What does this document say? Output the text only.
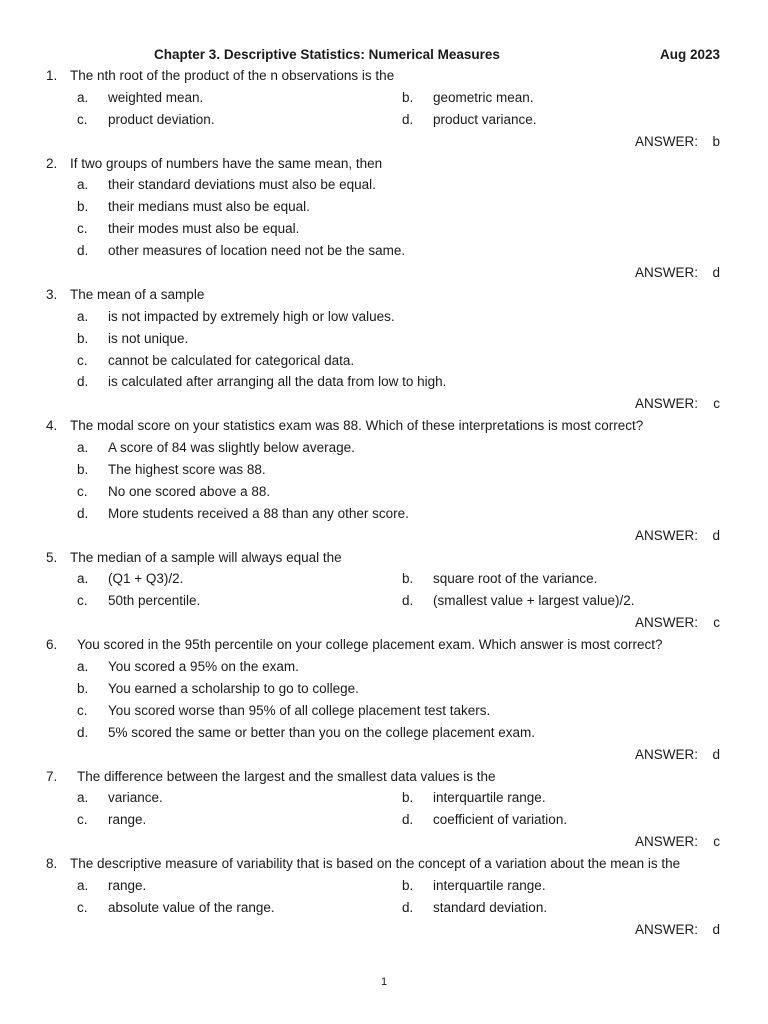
Chapter 3. Descriptive Statistics: Numerical Measures	Aug 2023
1. The nth root of the product of the n observations is the
a. weighted mean.	b. geometric mean.
c. product deviation.	d. product variance.
ANSWER: b
2. If two groups of numbers have the same mean, then
a. their standard deviations must also be equal.
b. their medians must also be equal.
c. their modes must also be equal.
d. other measures of location need not be the same.
ANSWER: d
3. The mean of a sample
a. is not impacted by extremely high or low values.
b. is not unique.
c. cannot be calculated for categorical data.
d. is calculated after arranging all the data from low to high.
ANSWER: c
4. The modal score on your statistics exam was 88. Which of these interpretations is most correct?
a. A score of 84 was slightly below average.
b. The highest score was 88.
c. No one scored above a 88.
d. More students received a 88 than any other score.
ANSWER: d
5. The median of a sample will always equal the
a. (Q1 + Q3)/2.	b. square root of the variance.
c. 50th percentile.	d. (smallest value + largest value)/2.
ANSWER: c
6. You scored in the 95th percentile on your college placement exam. Which answer is most correct?
a. You scored a 95% on the exam.
b. You earned a scholarship to go to college.
c. You scored worse than 95% of all college placement test takers.
d. 5% scored the same or better than you on the college placement exam.
ANSWER: d
7. The difference between the largest and the smallest data values is the
a. variance.	b. interquartile range.
c. range.	d. coefficient of variation.
ANSWER: c
8. The descriptive measure of variability that is based on the concept of a variation about the mean is the
a. range.	b. interquartile range.
c. absolute value of the range.	d. standard deviation.
ANSWER: d
1
